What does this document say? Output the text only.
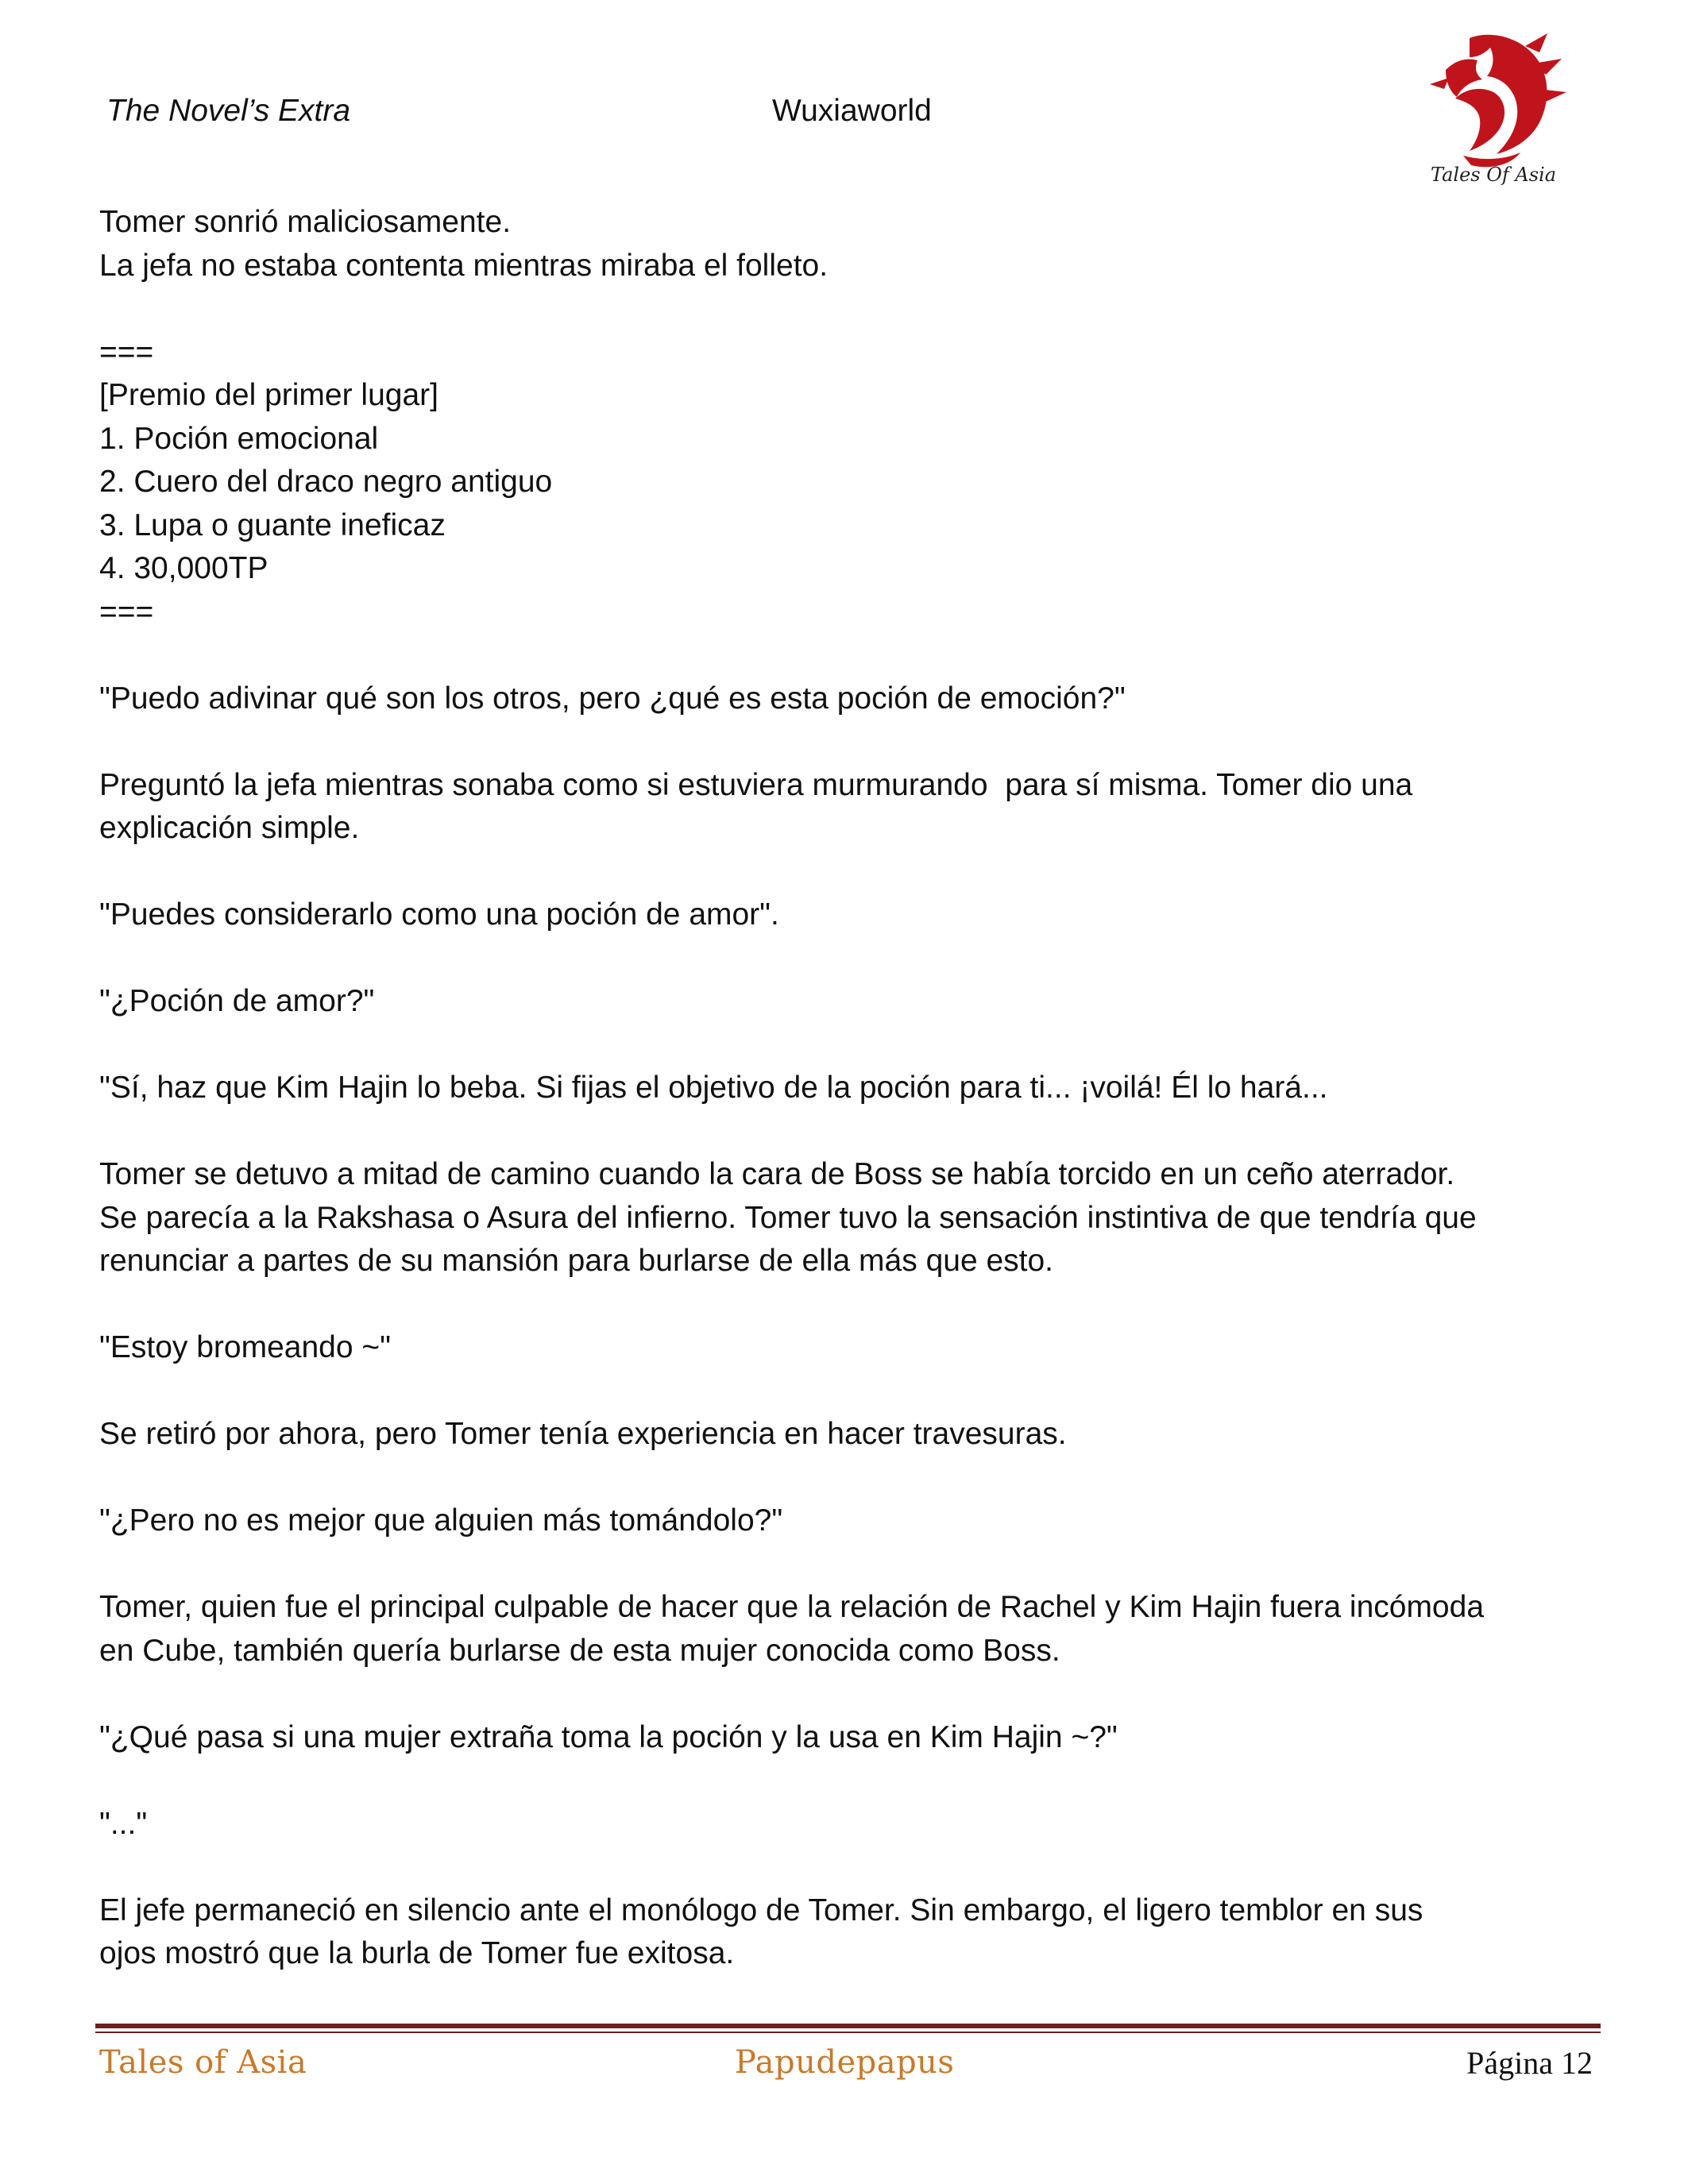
The Novel’s Extra	Wuxiaworld
Tales Of Asia
Tomer sonrió maliciosamente.
La jefa no estaba contenta mientras miraba el folleto.
===
[Premio del primer lugar]
1. Poción emocional
2. Cuero del draco negro antiguo
3. Lupa o guante ineficaz
4. 30,000TP
===
"Puedo adivinar qué son los otros, pero ¿qué es esta poción de emoción?"
Preguntó la jefa mientras sonaba como si estuviera murmurando  para sí misma. Tomer dio una
explicación simple.
"Puedes considerarlo como una poción de amor".
"¿Poción de amor?"
"Sí, haz que Kim Hajin lo beba. Si fijas el objetivo de la poción para ti... ¡voilá! Él lo hará...
Tomer se detuvo a mitad de camino cuando la cara de Boss se había torcido en un ceño aterrador.
Se parecía a la Rakshasa o Asura del infierno. Tomer tuvo la sensación instintiva de que tendría que
renunciar a partes de su mansión para burlarse de ella más que esto.
"Estoy bromeando ~"
Se retiró por ahora, pero Tomer tenía experiencia en hacer travesuras.
"¿Pero no es mejor que alguien más tomándolo?"
Tomer, quien fue el principal culpable de hacer que la relación de Rachel y Kim Hajin fuera incómoda
en Cube, también quería burlarse de esta mujer conocida como Boss.
"¿Qué pasa si una mujer extraña toma la poción y la usa en Kim Hajin ~?"
"..."
El jefe permaneció en silencio ante el monólogo de Tomer. Sin embargo, el ligero temblor en sus
ojos mostró que la burla de Tomer fue exitosa.
Tales of Asia	Papudepapus	Página 12
